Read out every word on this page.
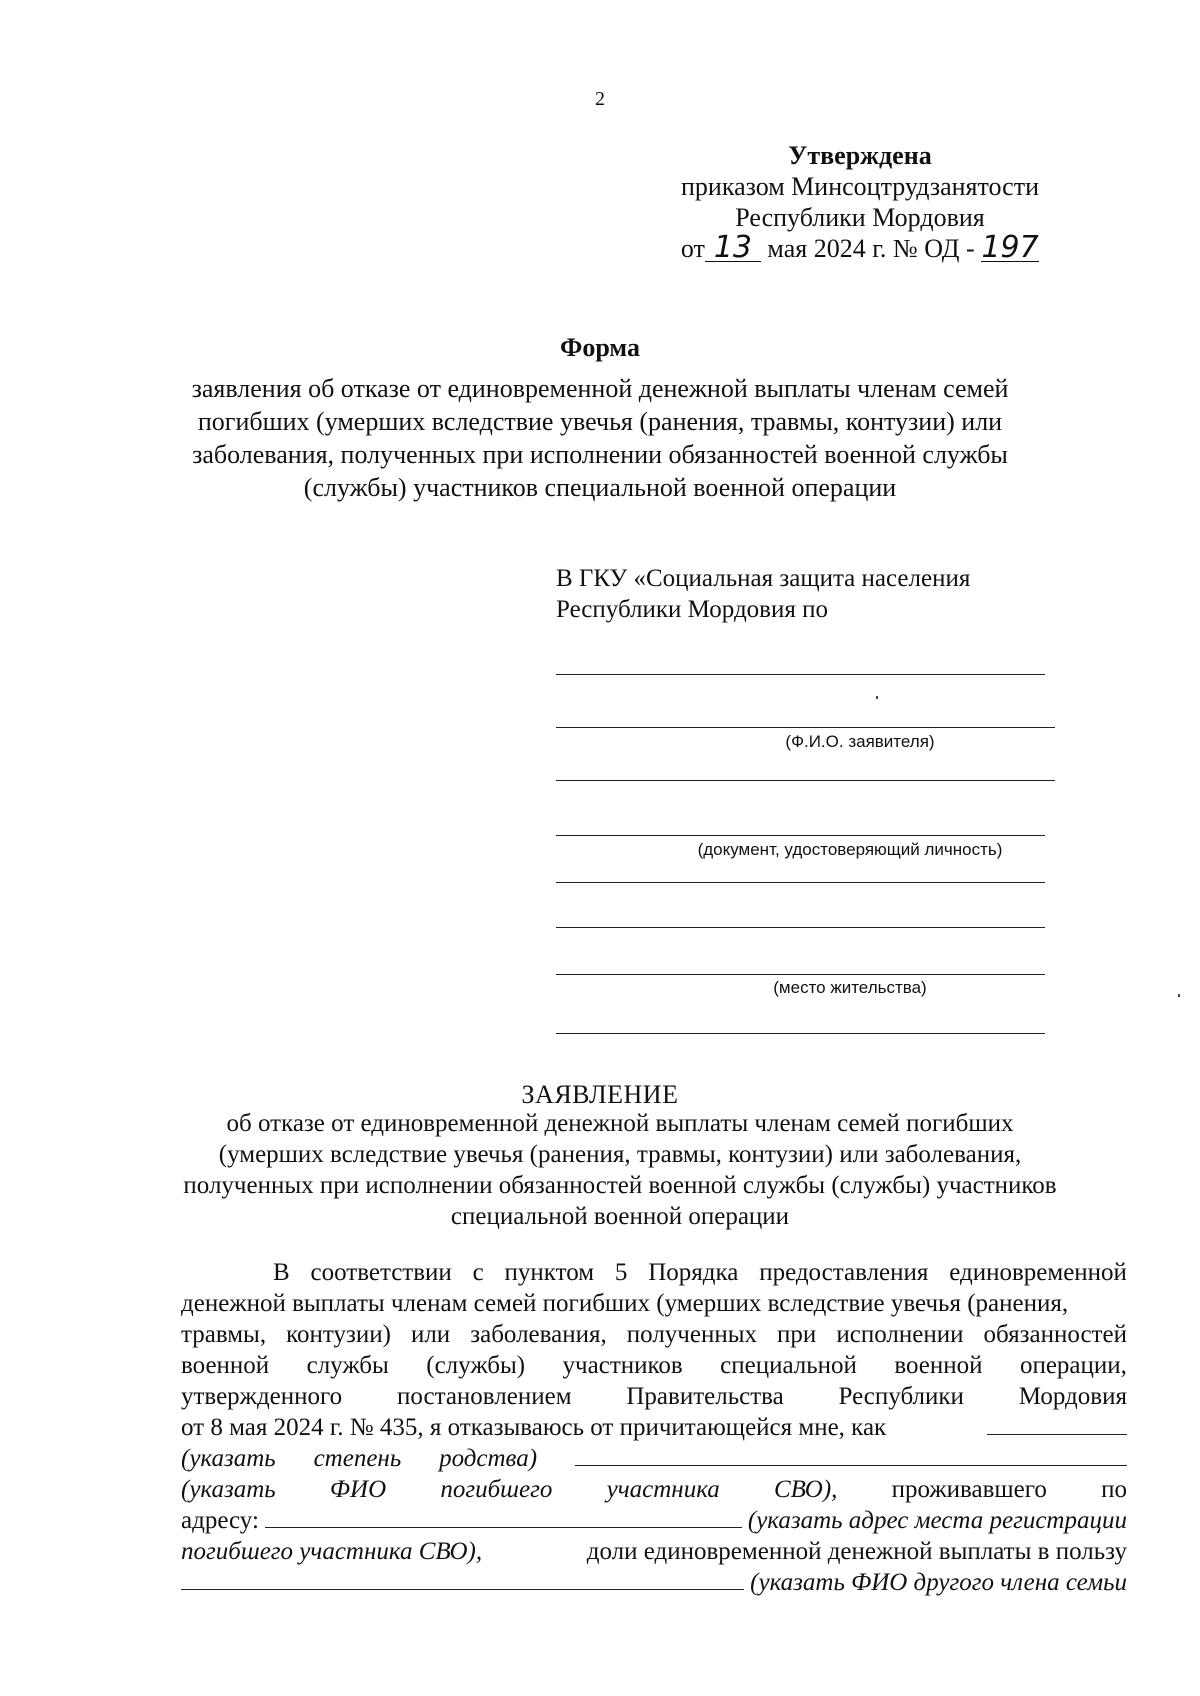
2
Утверждена
приказом Минсоцтрудзанятости
Республики Мордовия
от 13 мая 2024 г. № ОД - 197
Форма
заявления об отказе от единовременной денежной выплаты членам семей погибших (умерших вследствие увечья (ранения, травмы, контузии) или заболевания, полученных при исполнении обязанностей военной службы (службы) участников специальной военной операции
В ГКУ «Социальная защита населения
Республики Мордовия по
(Ф.И.О. заявителя)
(документ, удостоверяющий личность)
(место жительства)
ЗАЯВЛЕНИЕ
об отказе от единовременной денежной выплаты членам семей погибших (умерших вследствие увечья (ранения, травмы, контузии) или заболевания, полученных при исполнении обязанностей военной службы (службы) участников специальной военной операции
В соответствии с пунктом 5 Порядка предоставления единовременной
денежной выплаты членам семей погибших (умерших вследствие увечья (ранения,
травмы, контузии) или заболевания, полученных при исполнении обязанностей
военной службы (службы) участников специальной военной операции,
утвержденного постановлением Правительства Республики Мордовия
от 8 мая 2024 г. № 435, я отказываюсь от причитающейся мне, как
(указать степень родства)
(указать ФИО погибшего участника СВО), проживавшего по
адресу:	(указать адрес места регистрации
погибшего участника СВО),	доли единовременной денежной выплаты в пользу
(указать ФИО другого члена семьи
